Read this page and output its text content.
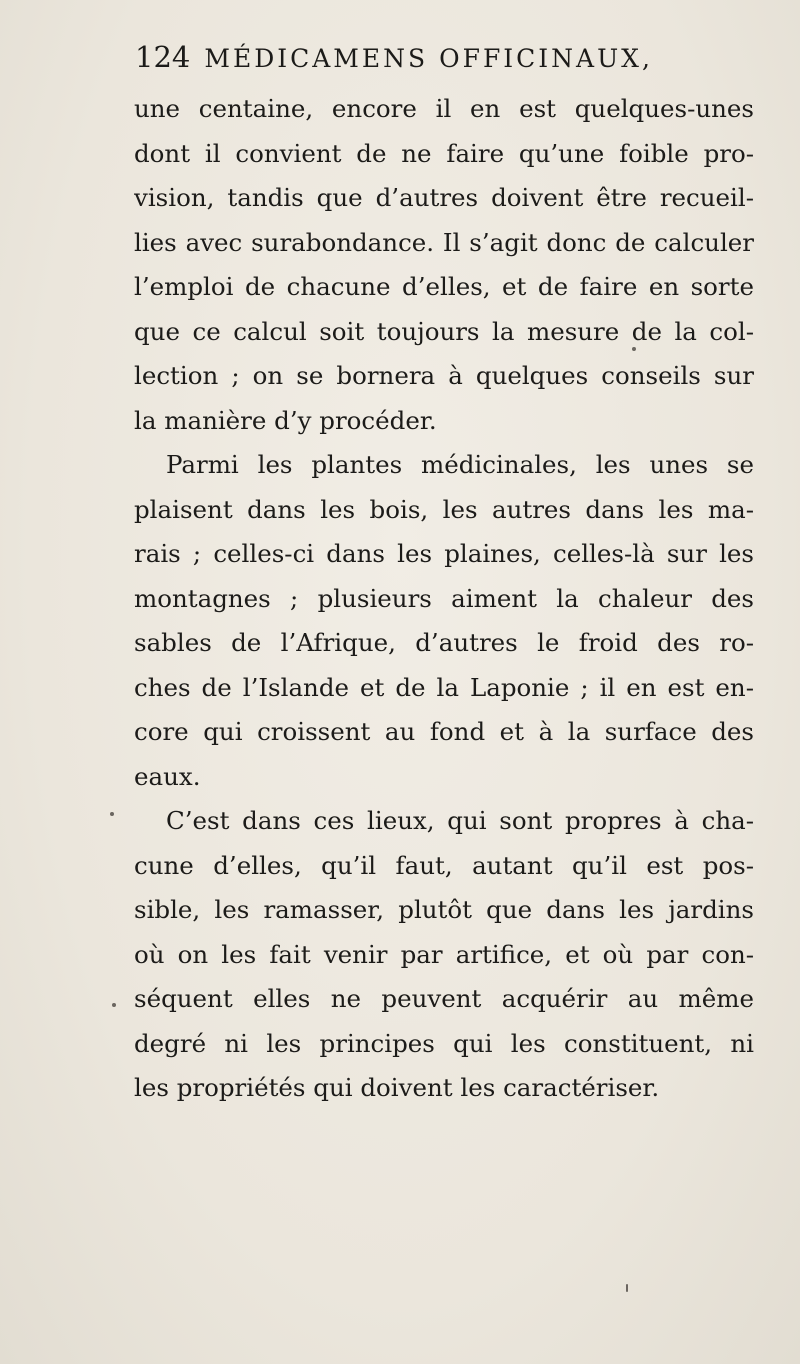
124 MÉDICAMENS OFFICINAUX,
une centaine, encore il en est quelques-unes
dont il convient de ne faire qu’une foible pro-
vision, tandis que d’autres doivent être recueil-
lies avec surabondance. Il s’agit donc de calculer
l’emploi de chacune d’elles, et de faire en sorte
que ce calcul soit toujours la mesure de la col-
lection ; on se bornera à quelques conseils sur
la manière d’y procéder.
Parmi les plantes médicinales, les unes se
plaisent dans les bois, les autres dans les ma-
rais ; celles-ci dans les plaines, celles-là sur les
montagnes ; plusieurs aiment la chaleur des
sables de l’Afrique, d’autres le froid des ro-
ches de l’Islande et de la Laponie ; il en est en-
core qui croissent au fond et à la surface des
eaux.
C’est dans ces lieux, qui sont propres à cha-
cune d’elles, qu’il faut, autant qu’il est pos-
sible, les ramasser, plutôt que dans les jardins
où on les fait venir par artifice, et où par con-
séquent elles ne peuvent acquérir au même
degré ni les principes qui les constituent, ni
les propriétés qui doivent les caractériser.
